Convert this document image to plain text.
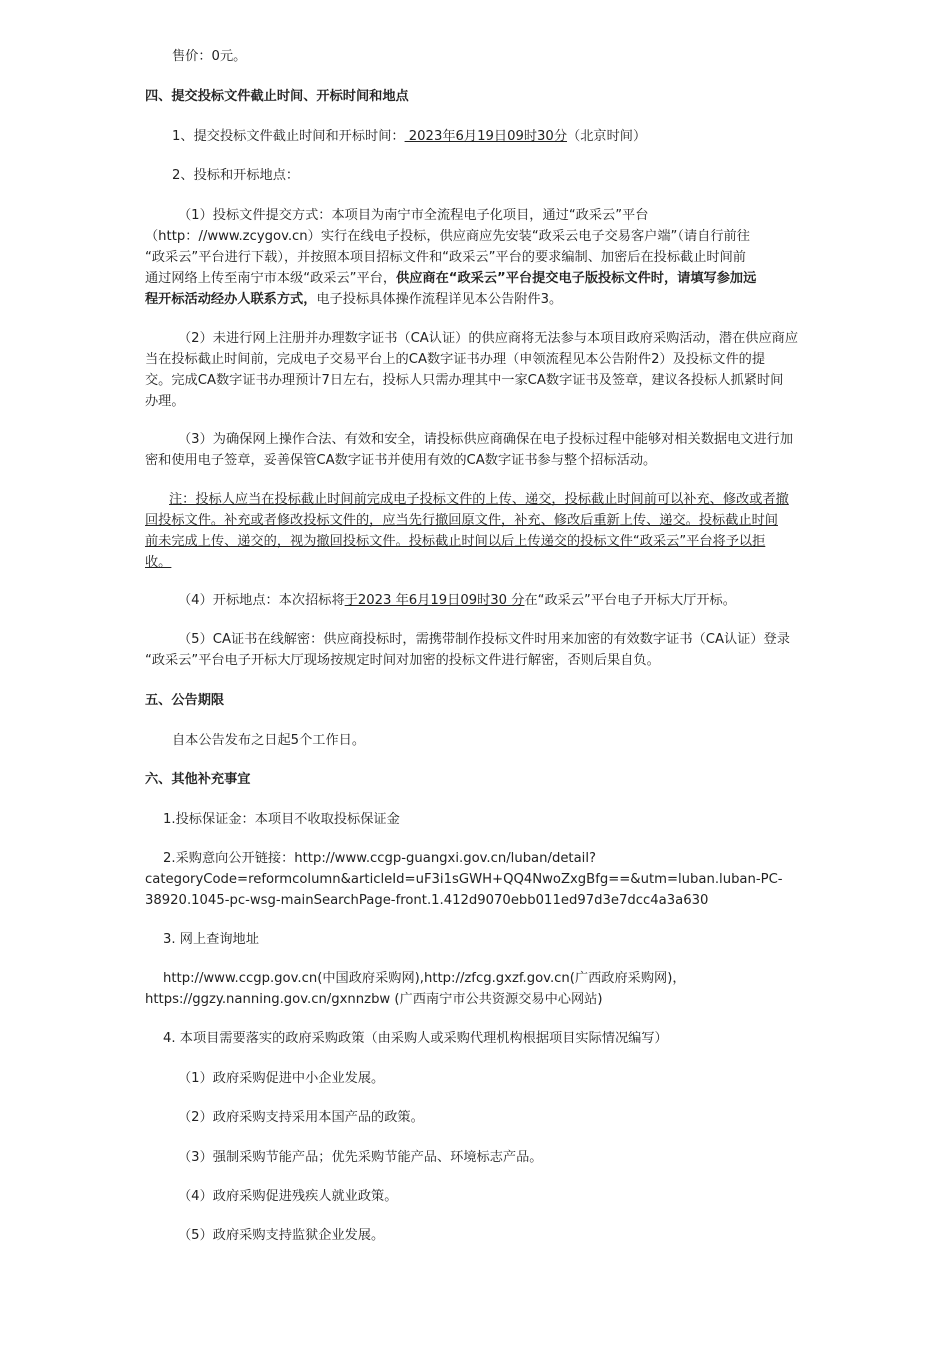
售价：0元。
四、提交投标文件截止时间、开标时间和地点
1、提交投标文件截止时间和开标时间： 2023年6月19日09时30分（北京时间）
2、投标和开标地点：
（1）投标文件提交方式：本项目为南宁市全流程电子化项目，通过“政采云”平台
（http：//www.zcygov.cn）实行在线电子投标，供应商应先安装“政采云电子交易客户端”（请自行前往
“政采云”平台进行下载），并按照本项目招标文件和“政采云”平台的要求编制、加密后在投标截止时间前
通过网络上传至南宁市本级“政采云”平台，供应商在“政采云”平台提交电子版投标文件时，请填写参加远
程开标活动经办人联系方式，电子投标具体操作流程详见本公告附件3。
（2）未进行网上注册并办理数字证书（CA认证）的供应商将无法参与本项目政府采购活动，潜在供应商应
当在投标截止时间前，完成电子交易平台上的CA数字证书办理（申领流程见本公告附件2）及投标文件的提
交。完成CA数字证书办理预计7日左右，投标人只需办理其中一家CA数字证书及签章，建议各投标人抓紧时间
办理。
（3）为确保网上操作合法、有效和安全，请投标供应商确保在电子投标过程中能够对相关数据电文进行加
密和使用电子签章，妥善保管CA数字证书并使用有效的CA数字证书参与整个招标活动。
注：投标人应当在投标截止时间前完成电子投标文件的上传、递交，投标截止时间前可以补充、修改或者撤
回投标文件。补充或者修改投标文件的，应当先行撤回原文件，补充、修改后重新上传、递交。投标截止时间
前未完成上传、递交的，视为撤回投标文件。投标截止时间以后上传递交的投标文件“政采云”平台将予以拒
收。
（4）开标地点：本次招标将于2023 年6月19日09时30 分在“政采云”平台电子开标大厅开标。
（5）CA证书在线解密：供应商投标时，需携带制作投标文件时用来加密的有效数字证书（CA认证）登录
“政采云”平台电子开标大厅现场按规定时间对加密的投标文件进行解密，否则后果自负。
五、公告期限
自本公告发布之日起5个工作日。
六、其他补充事宜
1.投标保证金：本项目不收取投标保证金
2.采购意向公开链接：http://www.ccgp-guangxi.gov.cn/luban/detail?
categoryCode=reformcolumn&articleId=uF3i1sGWH+QQ4NwoZxgBfg==&utm=luban.luban-PC-
38920.1045-pc-wsg-mainSearchPage-front.1.412d9070ebb011ed97d3e7dcc4a3a630
3. 网上查询地址
http://www.ccgp.gov.cn(中国政府采购网),http://zfcg.gxzf.gov.cn(广西政府采购网)，
https://ggzy.nanning.gov.cn/gxnnzbw (广西南宁市公共资源交易中心网站)
4. 本项目需要落实的政府采购政策（由采购人或采购代理机构根据项目实际情况编写）
（1）政府采购促进中小企业发展。
（2）政府采购支持采用本国产品的政策。
（3）强制采购节能产品；优先采购节能产品、环境标志产品。
（4）政府采购促进残疾人就业政策。
（5）政府采购支持监狱企业发展。
